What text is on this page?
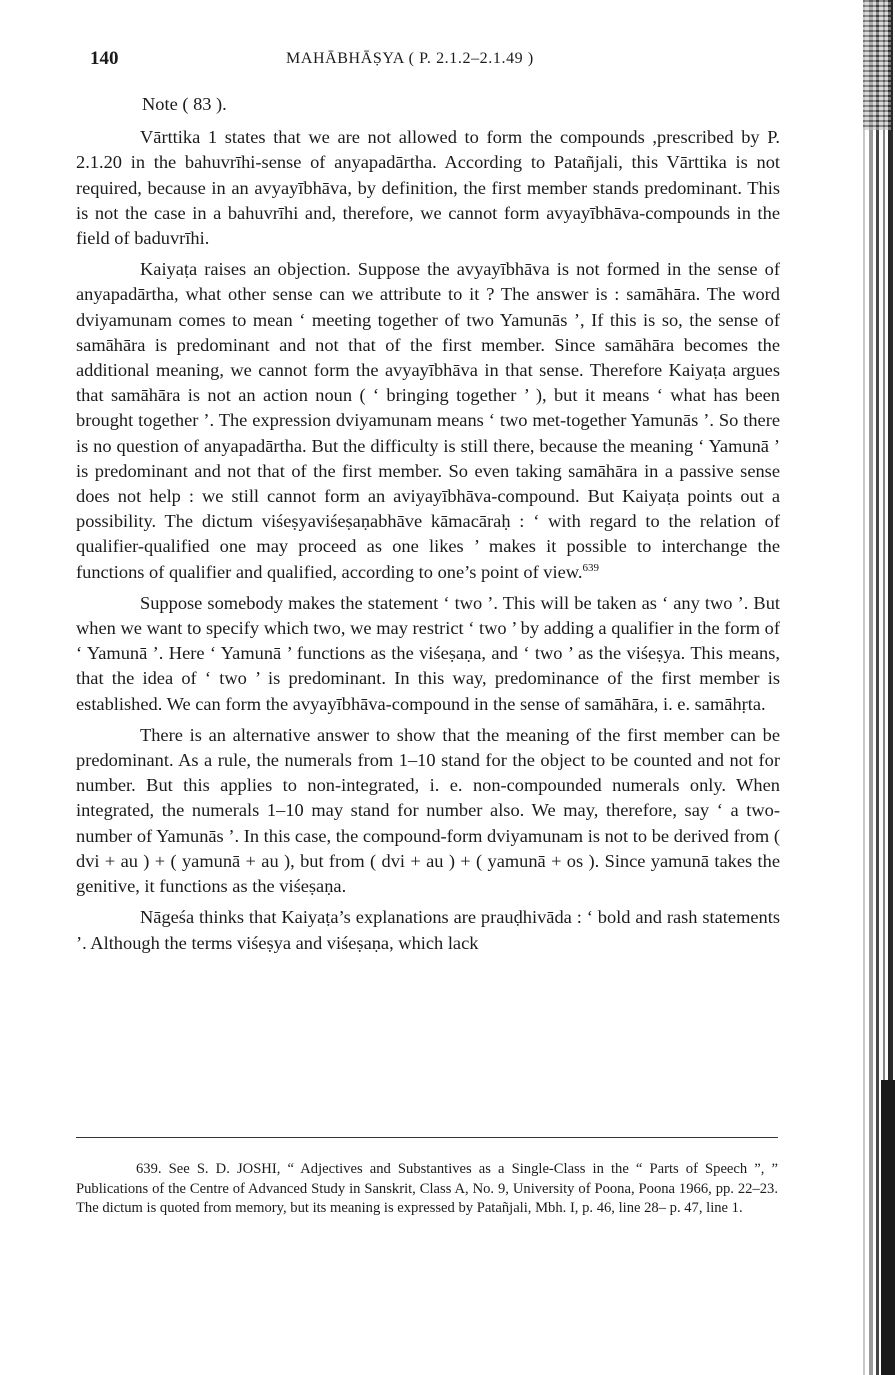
140	MAHĀBHĀṢYA ( P. 2.1.2–2.1.49 )

Note ( 83 ).

Vārttika 1 states that we are not allowed to form the compounds ,prescribed by P. 2.1.20 in the bahuvrīhi-sense of anyapadārtha. According to Patañjali, this Vārttika is not required, because in an avyayībhāva, by definition, the first member stands predominant. This is not the case in a bahuvrīhi and, therefore, we cannot form avyayībhāva-compounds in the field of baduvrīhi.

Kaiyaṭa raises an objection. Suppose the avyayībhāva is not formed in the sense of anyapadārtha, what other sense can we attribute to it ? The answer is : samāhāra. The word dviyamunam comes to mean ‘ meeting together of two Yamunās ’, If this is so, the sense of samāhāra is predominant and not that of the first member. Since samāhāra becomes the additional meaning, we cannot form the avyayībhāva in that sense. Therefore Kaiyaṭa argues that samāhāra is not an action noun ( ‘ bringing together ’ ), but it means ‘ what has been brought together ’. The expression dviyamunam means ‘ two met-together Yamunās ’. So there is no question of anyapadārtha. But the difficulty is still there, because the meaning ‘ Yamunā ’ is predominant and not that of the first member. So even taking samāhāra in a passive sense does not help : we still cannot form an aviyayībhāva-compound. But Kaiyaṭa points out a possibility. The dictum viśeṣyaviśeṣaṇabhāve kāmacāraḥ : ‘ with regard to the relation of qualifier-qualified one may proceed as one likes ’ makes it possible to interchange the functions of qualifier and qualified, according to one’s point of view.$^{639}$

Suppose somebody makes the statement ‘ two ’. This will be taken as ‘ any two ’. But when we want to specify which two, we may restrict ‘ two ’ by adding a qualifier in the form of ‘ Yamunā ’. Here ‘ Yamunā ’ functions as the viśeṣaṇa, and ‘ two ’ as the viśeṣya. This means, that the idea of ‘ two ’ is predominant. In this way, predominance of the first member is established. We can form the avyayībhāva-compound in the sense of samāhāra, i. e. samāhṛta.

There is an alternative answer to show that the meaning of the first member can be predominant. As a rule, the numerals from 1–10 stand for the object to be counted and not for number. But this applies to non-integrated, i. e. non-compounded numerals only. When integrated, the numerals 1–10 may stand for number also. We may, therefore, say ‘ a two-number of Yamunās ’. In this case, the compound-form dviyamunam is not to be derived from ( dvi + au ) + ( yamunā + au ), but from ( dvi + au ) + ( yamunā + os ). Since yamunā takes the genitive, it functions as the viśeṣaṇa.

Nāgeśa thinks that Kaiyaṭa’s explanations are prauḍhivāda : ‘ bold and rash statements ’. Although the terms viśeṣya and viśeṣaṇa, which lack

639. See S. D. JOSHI, “ Adjectives and Substantives as a Single-Class in the “ Parts of Speech ”, ” Publications of the Centre of Advanced Study in Sanskrit, Class A, No. 9, University of Poona, Poona 1966, pp. 22–23. The dictum is quoted from memory, but its meaning is expressed by Patañjali, Mbh. I, p. 46, line 28– p. 47, line 1.
